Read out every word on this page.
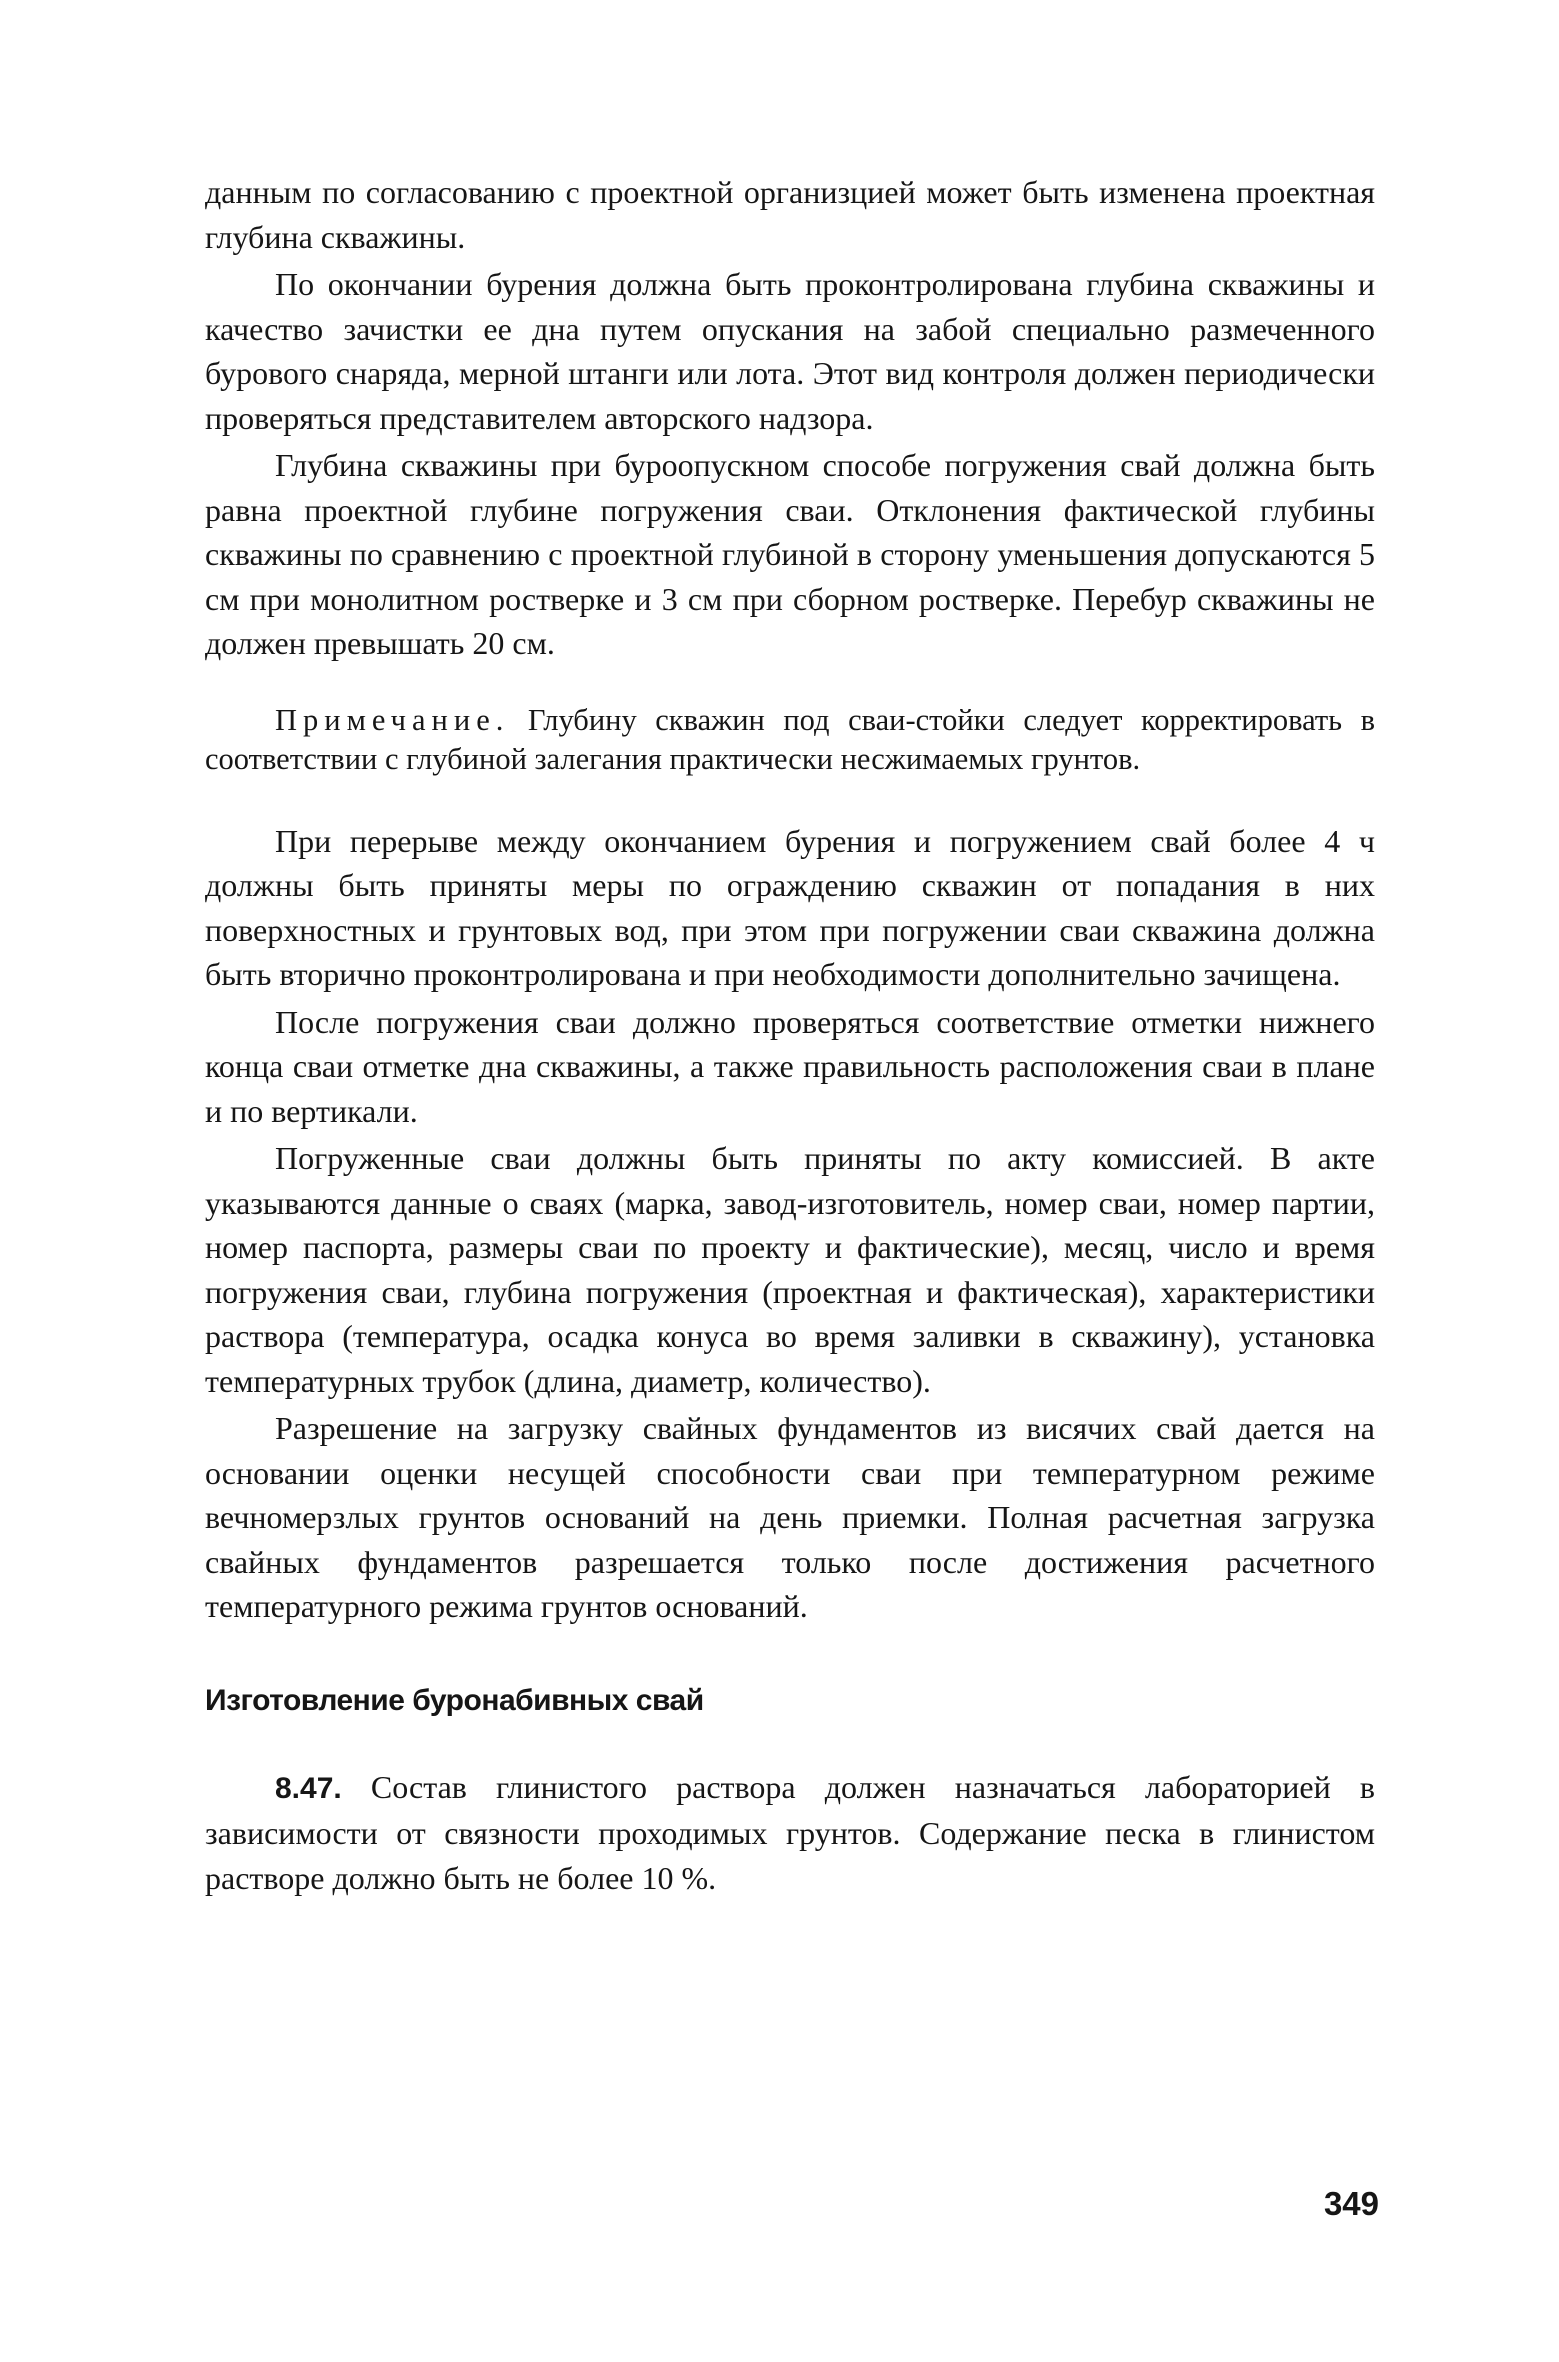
данным по согласованию с проектной организцией может быть изменена проектная глубина скважины.

По окончании бурения должна быть проконтролирована глубина скважины и качество зачистки ее дна путем опускания на забой специально размеченного бурового снаряда, мерной штанги или лота. Этот вид контроля должен периодически проверяться представителем авторского надзора.

Глубина скважины при буроопускном способе погружения свай должна быть равна проектной глубине погружения сваи. Отклонения фактической глубины скважины по сравнению с проектной глубиной в сторону уменьшения допускаются 5 см при монолитном ростверке и 3 см при сборном ростверке. Перебур скважины не должен превышать 20 см.

Примечание. Глубину скважин под сваи-стойки следует корректировать в соответствии с глубиной залегания практически несжимаемых грунтов.

При перерыве между окончанием бурения и погружением свай более 4 ч должны быть приняты меры по ограждению скважин от попадания в них поверхностных и грунтовых вод, при этом при погружении сваи скважина должна быть вторично проконтролирована и при необходимости дополнительно зачищена.

После погружения сваи должно проверяться соответствие отметки нижнего конца сваи отметке дна скважины, а также правильность расположения сваи в плане и по вертикали.

Погруженные сваи должны быть приняты по акту комиссией. В акте указываются данные о сваях (марка, завод-изготовитель, номер сваи, номер партии, номер паспорта, размеры сваи по проекту и фактические), месяц, число и время погружения сваи, глубина погружения (проектная и фактическая), характеристики раствора (температура, осадка конуса во время заливки в скважину), установка температурных трубок (длина, диаметр, количество).

Разрешение на загрузку свайных фундаментов из висячих свай дается на основании оценки несущей способности сваи при температурном режиме вечномерзлых грунтов оснований на день приемки. Полная расчетная загрузка свайных фундаментов разрешается только после достижения расчетного температурного режима грунтов оснований.

Изготовление буронабивных свай

8.47. Состав глинистого раствора должен назначаться лабораторией в зависимости от связности проходимых грунтов. Содержание песка в глинистом растворе должно быть не более 10 %.

349
